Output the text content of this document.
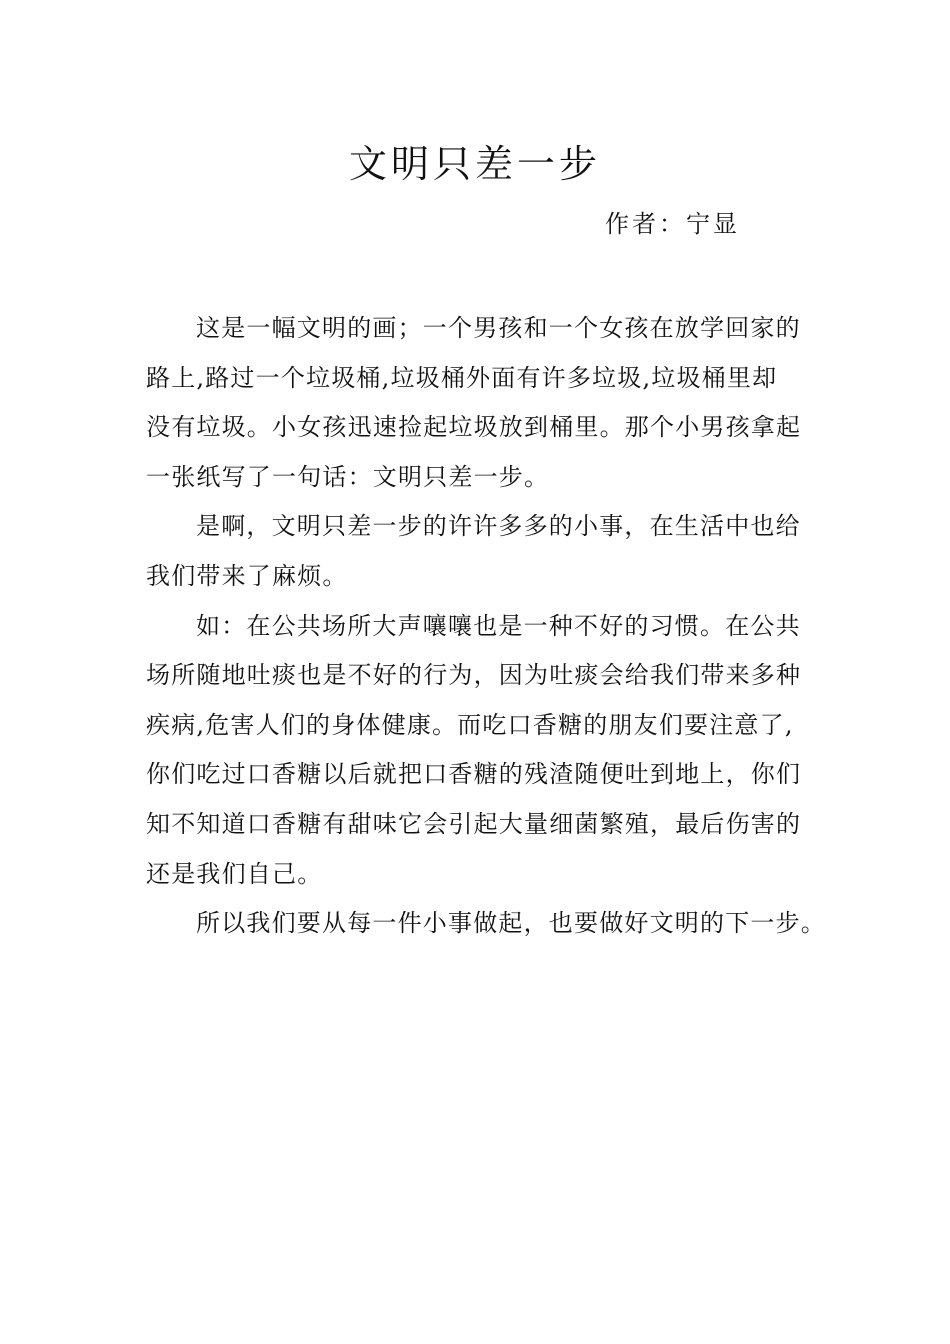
文明只差一步
作者：宁显

这是一幅文明的画；一个男孩和一个女孩在放学回家的
路上,路过一个垃圾桶,垃圾桶外面有许多垃圾,垃圾桶里却
没有垃圾。小女孩迅速捡起垃圾放到桶里。那个小男孩拿起
一张纸写了一句话：文明只差一步。

是啊，文明只差一步的许许多多的小事，在生活中也给
我们带来了麻烦。

如：在公共场所大声嚷嚷也是一种不好的习惯。在公共
场所随地吐痰也是不好的行为，因为吐痰会给我们带来多种
疾病,危害人们的身体健康。而吃口香糖的朋友们要注意了,
你们吃过口香糖以后就把口香糖的残渣随便吐到地上，你们
知不知道口香糖有甜味它会引起大量细菌繁殖，最后伤害的
还是我们自己。

所以我们要从每一件小事做起，也要做好文明的下一步。
